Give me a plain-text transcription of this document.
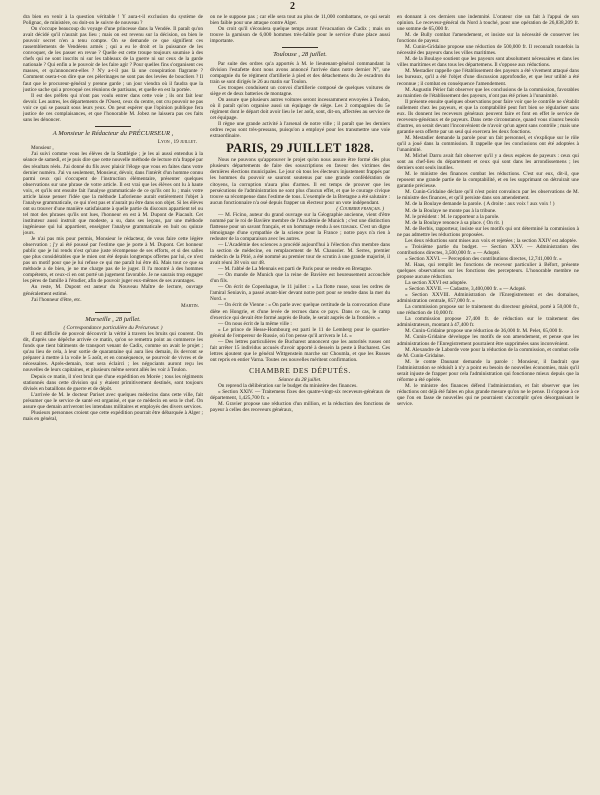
2

dra bien en venir à la question véritable ! Y aura-t-il exclusion du système de Polignac, de ministère, ou doit-on le suivre de nouveau ?

On s'occupe beaucoup du voyage d'une princesse dans la Vendée. Il paraît qu'on avait décidé qu'il n'aurait pas lieu ; mais on est revenu sur la décision, on bien le pouvoir secret n'en a tenu compte. On se demande ce que signifient ces rassemblements de Vendéens armés ; qui a eu le droit et la puissance de les convoquer, de les passer en revue ? Quelle est cette troupe toujours soumise à des chefs qui ne sont inscrits ni sur les tableaux de la guerre ni sur ceux de la garde nationale ? Qui enfin a le pouvoir de les faire agir ? Pour quelles fins s'organisent ces masses, et qu'annoncent-elles ? N'y a-t-il pas là une conspiration flagrante ? Comment osera-t-on dire que ces pèlerinages ne sont pas des levées de boucliers ? Il faut que le procureur-général y prenne garde ; un jour viendra où il faudra que la justice sache qui a provoqué ces réunions de partisans, et quelle en est la portée.

Il est des préfets qui n'ont pas voulu entrer dans cette voie ; ils ont fait leur devoir. Les autres, les départements de l'Ouest, ceux du centre, ont cru pouvoir ne pas voir ce qui se passait sous leurs yeux. On peut espérer que l'opinion publique fera justice de ces complaisances, et que l'honorable M. Jobez ne laissera pas ces faits sans les dénoncer.

A Monsieur le Rédacteur du PRÉCURSEUR ,

Lyon , 19 juillet.

Monsieur ,

J'ai suivi comme vous les élèves de la Stattlégie ; je les ai aussi entendus à la séance de samedi, et je puis dire que cette nouvelle méthode de lecture m'a frappé par des résultats réels. J'ai donné du fils avec plaisir l'éloge que vous en faites dans votre dernier numéro. J'ai vu seulement, Monsieur, dévoir, dans l'intérêt d'un homme connu parmi ceux qui s'occupent de l'instruction élémentaire, présenter quelques observations sur une phrase de votre article. Il est vrai que les élèves ont lu à haute voix, et qu'ils ont ensuite fait l'analyse grammaticale de ce qu'ils ont lu ; mais votre article laisse penser l'idée que la méthode Laforienne aurait entièrement l'objet à l'analyse grammaticale, ce qui n'est pas et n'aurait pu être dans son objet. Si les élèves ont su trouver d'une manière satisfaisante à quelle partie du discours appartient tel ou tel mot des phrases qu'ils ont lues, l'honneur en est à M. Dupont de Piacault. Cet instituteur aussi instruit que modeste, a su, dans ses leçons, par une méthode ingénieuse qui lui appartient, enseigner l'analyse grammaticale en huit ou quinze jours.

Je n'ai pas mis pour permis, Monsieur le rédacteur, de vous faire cette légère observation ; j'y ai été poussé par l'estime que je porte à M. Dupont. Cet honneur public que je lui rends n'est qu'une juste récompense de ses efforts, et si des salles que plus considérables que le mien ont été depuis longtemps offertes par lui, ce n'est pas un motif pour que je lui refuse ce qui me paraît lui être dû. Mais tout ce que sa méthode a de bien, je ne me charge pas de le juger. Il l'a montré à des hommes compétents, et ceux-ci en ont porté un jugement favorable. Je ne saurais trop engager les pères de famille à l'étudier, afin de pouvoir juger eux-mêmes de ses avantages.

Au reste, M. Dupont est auteur du Nouveau Maître de lecture, ouvrage généralement estimé.

J'ai l'honneur d'être, etc.

Martin.

Marseille , 28 juillet.

( Correspondance particulière du Précurseur. )

Il est difficile de pouvoir découvrir la vérité à travers les bruits qui courent. On dit, d'après une dépêche arrivée ce matin, qu'on se remettra point au commerce les fonds que tient bâtiments de transport venant de Cadix, comme on avait le projet ; qu'au lieu de cela, à leur sortie de quarantaine qui aura lieu demain, ils devront se préparer à mettre à la voile le 5 août, et en conséquence, se pourvoir de vivres et de nécessaires. Après-demain, tout sera éclairci ; les négociants auront reçu les nouvelles de leurs capitaines, et plusieurs même seront allés les voir à Toulon.

Depuis ce matin, il n'est bruit que d'une expédition en Morée ; tous les régiments stationnés dans cette division qui y étaient primitivement destinés, sont toujours divisés en bataillons de guerre et de dépôt.

L'arrivée de M. le docteur Pariset avec quelques médecins dans cette ville, fait présumer que le service de santé est organisé, et que ce médecin en sera le chef. On assure que demain arriveront les intendans militaires et employés des divers services.

Plusieurs personnes croient que cette expédition pourrait être débarquée à Alger ; mais en général,

on ne le suppose pas ; car elle sera tout au plus de 11,000 combattans, ce qui serait bien faible pour une attaque contre Alger.

On croit qu'il s'écoulera quelque temps avant l'évacuation de Cadix ; mais on trouve la garnison de 6,000 hommes très-faible pour le service d'une place aussi importante.

Toulouse , 28 juillet.

Par suite des ordres qu'a apportés à M. le lieutenant-général commandant la division l'estafette dont nous avons annoncé l'arrivée dans notre dernier N°, une compagnie du 6e régiment d'artillerie à pied et des détachemens du 2e escadron du train se sont dirigés le 26 au matin sur Toulon.

Ces troupes conduisent un convoi d'artillerie composé de quelques voitures de siège et de deux batteries de montagne.

On assure que plusieurs autres voitures seront incessamment envoyées à Toulon, où il paraît qu'on organise aussi un équipage de siège. Les 2 compagnies du 5e régiment dont le départ doit avoir lieu le 1er août, sont, dit-on, affectées au service de cet équipage.

Il règne une grande activité à l'arsenal de notre ville ; il paraît que les derniers ordres reçus sont très-pressans, puisqu'on a employé pour les transmettre une voie extraordinaire.

PARIS, 29 JUILLET 1828.

Nous ne pouvons qu'approuver le projet qu'on nous assure être formé dès plus plusieurs départements de faire des souscriptions en faveur des victimes des dernières élections municipales. Le jour où tous les électeurs injustement frappés par les hommes du pouvoir se sauront soutenus par une grande confédération de citoyens, la corruption n'aura plus d'armes. Il est temps de prouver que les persécutions de l'administration ne sont plus d'aucun effet, et que le courage civique trouve sa récompense dans l'estime de tous. L'exemple de la Bretagne a été salutaire : aucun fonctionnaire n'a osé depuis frapper un électeur pour un vote indépendant.

( Courrier français. )

— M. Ficino, auteur du grand ouvrage sur la Géographie ancienne, vient d'être nommé par le roi de Bavière membre de l'Académie de Munich ; c'est une distinction flatteuse pour un savant français, et un hommage rendu à ses travaux. C'est un digne témoignage d'une sympathie de la science pour la France ; notre pays n'a rien à redouter de la comparaison avec les autres.

— L'Académie des sciences a procédé aujourd'hui à l'élection d'un membre dans la section de médecine, en remplacement de M. Chaussier. M. Serres, premier médecin de la Pitié, a été nommé au premier tour de scrutin à une grande majorité, il avait réuni 38 voix sur 48.

— M. l'abbé de La Mennais est parti de Paris pour se rendre en Bretagne.

— On mande de Munich que la reine de Bavière est heureusement accouchée d'un fils.

— On écrit de Copenhague, le 11 juillet : « La flotte russe, sous les ordres de l'amiral Seniavin, a passé avant-hier devant notre port pour se rendre dans la mer du Nord. »

— On écrit de Vienne : « On parle avec quelque certitude de la convocation d'une diète en Hongrie, et d'une levée de recrues dans ce pays. Dans ce cas, le camp d'exercice qui devait être formé auprès de Bude, le serait auprès de la frontière. »

— On nous écrit de la même ville :

« Le prince de Hesse-Hombourg est parti le 11 de Lemberg pour le quartier-général de l'empereur de Russie, où l'on pense qu'il arrivera le 14. »

— Des lettres particulières de Bucharest annoncent que les autorités russes ont fait arrêter 15 individus accusés d'avoir apporté à dessein la peste à Bucharest. Ces lettres ajoutent que le général Wittgenstein marche sur Choumla, et que les Russes ont repris en entier Varna. Toutes ces nouvelles méritent confirmation.

CHAMBRE DES DÉPUTÉS.

Séance du 28 juillet.

On reprend la délibération sur le budget du ministère des finances.

« Section XXIV. — Traitemens fixes des quatre-vingt-six receveurs-généraux de département, 1,425,700 fr. »

M. Gravier propose une réduction d'un million, et la réduction des fonctions de payeur à celles des receveurs généraux,

en donnant à ces derniers une indemnité. L'orateur cite un fait à l'appui de son opinion. Le receveur-général du Nord à touché, pour une opération de 26,838,209 fr. une somme de 65,000 fr.

M. de Bully combat l'amendement, et insiste sur la nécessité de conserver les fonctions de payeur.

M. Cunin-Gridaine propose une réduction de 500,000 fr. Il reconnaît toutefois la nécessité des payeurs dans les villes maritimes.

M. de la Boulaye soutient que les payeurs sont absolument nécessaires et dans les villes maritimes et dans tous les départemens. Il s'oppose aux réductions.

M. Mestadier rappelle que l'établissement des payeurs a été vivement attaqué dans les bureaux, qu'il a été l'objet d'une discussion approfondie, et que leur utilité a été reconnue ; il combat en conséquence l'amendement.

M. Augustin Périer fait observer que les conclusions de la commission, favorables au maintien de l'établissement des payeurs, n'ont pas été prises à l'unanimité.

Il présente ensuite quelques observations pour faire voir que le contrôle ne s'établit nullement chez les payeurs, et que la comptabilité peut fort bien se régulariser sans eux. Ils donnent les receveurs généraux peuvent faire et font en effet le service de receveurs-généraux et de payeurs. Dans cette circonstance, quand vous n'aurez besoin d'autres, on serait devant l'inconvénient de n'avoir qu'un agent sans contrôle ; mais une garantie sera offerte par un seul qui exercera les deux fonctions.

M. Mestadier demande la parole pour un fait personnel, et s'explique sur le rôle qu'il a joué dans la commission. Il rappelle que les conclusions ont été adoptées à l'unanimité.

M. Michel Darru avait fait observer qu'il y a deux espèces de payeurs : ceux qui sont au chef-lieu du département et ceux qui sont dans les arrondissemens ; les derniers sont seuls inutiles.

M. le ministre des finances combat les réductions. C'est sur eux, dit-il, que reposent une grande partie de la comptabilité, et en les supprimant on détruirait une garantie précieuse.

M. Cunin-Gridaine déclare qu'il n'est point convaincu par les observations de M. le ministre des finances, et qu'il persiste dans son amendement.

M. de la Boulaye demande la parole. ( A droite : aux voix ! aux voix ! )

M. de la Boulaye ne monte pas à la tribune.

M. le président : M. le rapporteur a la parole.

M. de la Boulaye renonce à sa place. ( On rit. )

M. de Berbis, rapporteur, insiste sur les motifs qui ont déterminé la commission à ne pas admettre les réductions proposées.

Les deux réductions sont mises aux voix et rejetées ; la section XXIV est adoptée.

« Troisième partie du budget. — Section XXV. — Administration des contributions directes, 3,500,000 fr. » — Adopté.

« Section XXVI. — Perception des contributions directes, 12,741,000 fr. »

M. Haas, qui remplit les fonctions de receveur particulier à Béfort, présente quelques observations sur les fonctions des percepteurs. L'honorable membre ne propose aucune réduction.

La section XXVI est adoptée.

« Section XXVII. — Cadastre, 3,400,000 fr. » — Adopté.

« Section XXVIII. Administration de l'Enregistrement et des domaines, administration centrale, 857,000 fr. »

La commission propose sur le traitement du directeur général, porté à 50,000 fr., une réduction de 10,000 fr.

La commission propose 27,400 fr. de réduction sur le traitement des administrateurs, montant à 47,400 fr.

M. Cunin-Gridaine propose une réduction de 36,000 fr. M. Pelet, 65,000 fr.

M. Cunin-Gridaine développe les motifs de son amendement, et pense que les administrations de l'Enregistrement pourraient être supprimées sans inconvénient.

M. Alexandre de Laborde vote pour la réduction de la commission, et combat celle de M. Cunin-Gridaine.

M. le comte Daunant demande la parole : Monsieur, il faudrait que l'administration se réduisît à n'y a point eu besoin de nouvelles économies, mais qu'il serait injuste de frapper pour cela l'administration qui fonctionne mieux depuis que la réforme a été opérée.

M. le ministre des finances défend l'administration, et fait observer que les réductions ont déjà été faites en plus grande mesure qu'on ne le pense. Il s'oppose à ce que l'on en fasse de nouvelles qui ne pourraient s'accomplir qu'en désorganisant le service.
